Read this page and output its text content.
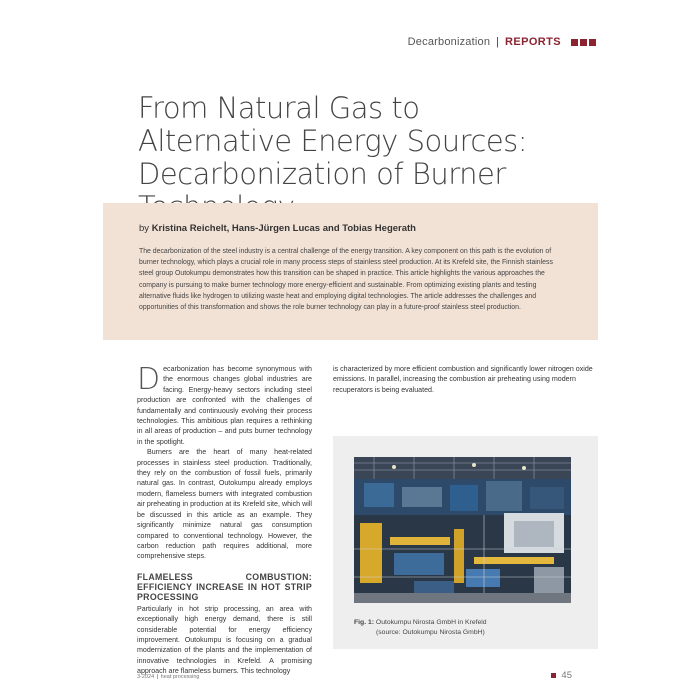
Decarbonization | REPORTS
From Natural Gas to Alternative Energy Sources: Decarbonization of Burner
by Kristina Reichelt, Hans-Jürgen Lucas and Tobias Hegerath

The decarbonization of the steel industry is a central challenge of the energy transition. A key component on this path is the evolution of burner technology, which plays a crucial role in many process steps of stainless steel production. At its Krefeld site, the Finnish stainless steel group Outokumpu demonstrates how this transition can be shaped in practice. This article highlights the various approaches the company is pursuing to make burner technology more energy-efficient and sustainable. From optimizing existing plants and testing alternative fluids like hydrogen to utilizing waste heat and employing digital technologies. The article addresses the challenges and opportunities of this transformation and shows the role burner technology can play in a future-proof stainless steel production.

Decarbonization has become synonymous with the enormous changes global industries are facing. Energy-heavy sectors including steel production are confronted with the challenges of fundamentally and continuously evolving their process technologies. This ambitious plan requires a rethinking in all areas of production – and puts burner technology in the spotlight.

Burners are the heart of many heat-related processes in stainless steel production. Traditionally, they rely on the combustion of fossil fuels, primarily natural gas. In contrast, Outokumpu already employs modern, flameless burners with integrated combustion air preheating in production at its Krefeld site, which will be discussed in this article as an example. They significantly minimize natural gas consumption compared to conventional technology. However, the carbon reduction path requires additional, more comprehensive steps.

FLAMELESS COMBUSTION: EFFICIENCY INCREASE IN HOT STRIP PROCESSING

Particularly in hot strip processing, an area with exceptionally high energy demand, there is still considerable potential for energy efficiency improvement. Outokumpu is focusing on a gradual modernization of the plants and the implementation of innovative technologies in Krefeld. A promising approach are flameless burners. This technology

is characterized by more efficient combustion and significantly lower nitrogen oxide emissions. In parallel, increasing the combustion air preheating using modern recuperators is being evaluated.

Fig. 1: Outokumpu Nirosta GmbH in Krefeld
(source: Outokumpu Nirosta GmbH)
3-2024 | heat processing	45
